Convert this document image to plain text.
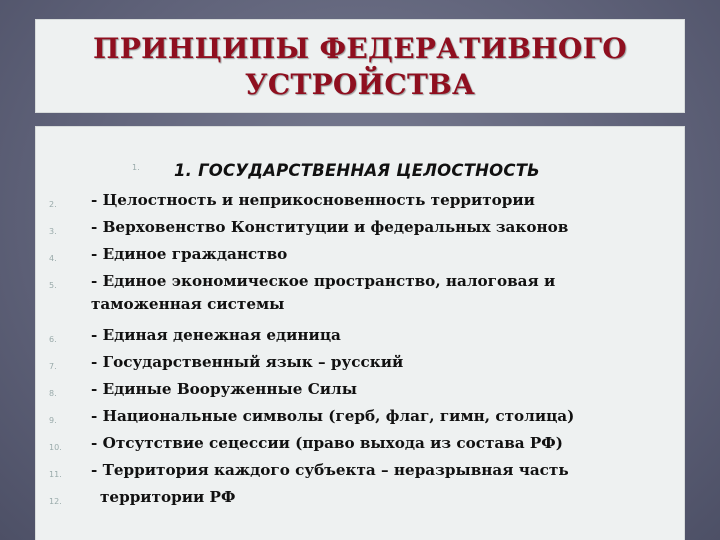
ПРИНЦИПЫ ФЕДЕРАТИВНОГО
УСТРОЙСТВА
1.	1. ГОСУДАРСТВЕННАЯ ЦЕЛОСТНОСТЬ
2.
3.
4.
5.
6.
7.
8.
9.
10.
11.
12.
- Целостность и неприкосновенность территории
- Верховенство Конституции и федеральных законов
- Единое гражданство
- Единое экономическое пространство, налоговая и
таможенная системы
- Единая денежная единица
- Государственный язык – русский
- Единые Вооруженные Силы
- Национальные символы (герб, флаг, гимн, столица)
- Отсутствие сецессии (право выхода из состава РФ)
- Территория каждого субъекта – неразрывная часть
территории РФ
